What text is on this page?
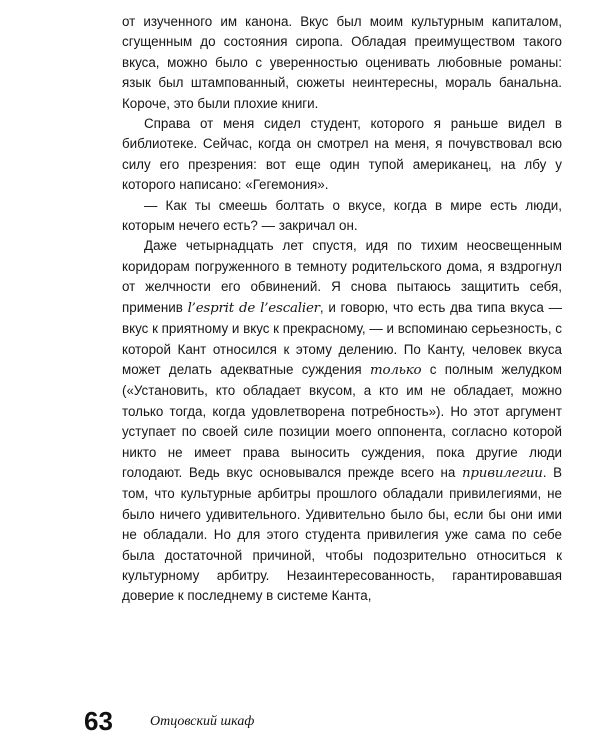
от изученного им канона. Вкус был моим культурным капиталом, сгущенным до состояния сиропа. Обладая преимуществом такого вкуса, можно было с уверенностью оценивать любовные романы: язык был штампованный, сюжеты неинтересны, мораль банальна. Короче, это были плохие книги.

Справа от меня сидел студент, которого я раньше видел в библиотеке. Сейчас, когда он смотрел на меня, я почувствовал всю силу его презрения: вот еще один тупой американец, на лбу у которого написано: «Гегемония».

— Как ты смеешь болтать о вкусе, когда в мире есть люди, которым нечего есть? — закричал он.

Даже четырнадцать лет спустя, идя по тихим неосвещенным коридорам погруженного в темноту родительского дома, я вздрогнул от желчности его обвинений. Я снова пытаюсь защитить себя, применив l’esprit de l’escalier, и говорю, что есть два типа вкуса — вкус к приятному и вкус к прекрасному, — и вспоминаю серьезность, с которой Кант относился к этому делению. По Канту, человек вкуса может делать адекватные суждения только с полным желудком («Установить, кто обладает вкусом, а кто им не обладает, можно только тогда, когда удовлетворена потребность»). Но этот аргумент уступает по своей силе позиции моего оппонента, согласно которой никто не имеет права выносить суждения, пока другие люди голодают. Ведь вкус основывался прежде всего на привилегии. В том, что культурные арбитры прошлого обладали привилегиями, не было ничего удивительного. Удивительно было бы, если бы они ими не обладали. Но для этого студента привилегия уже сама по себе была достаточной причиной, чтобы подозрительно относиться к культурному арбитру. Незаинтересованность, гарантировавшая доверие к последнему в системе Канта,

63	Отцовский шкаф
